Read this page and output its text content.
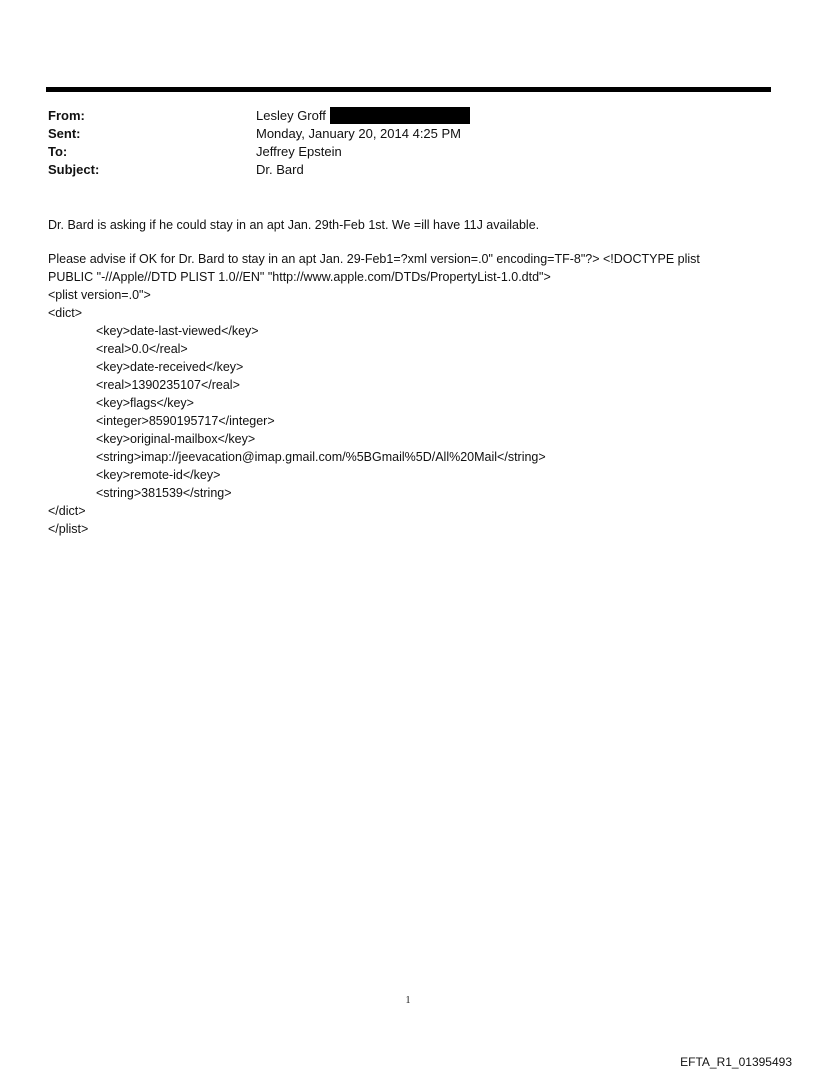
From:	Lesley Groff
Sent:	Monday, January 20, 2014 4:25 PM
To:	Jeffrey Epstein
Subject:	Dr. Bard

Dr. Bard is asking if he could stay in an apt Jan. 29th-Feb 1st. We =ill have 11J available.

Please advise if OK for Dr. Bard to stay in an apt Jan. 29-Feb1=?xml version=.0" encoding=TF-8"?> <!DOCTYPE plist
PUBLIC "-//Apple//DTD PLIST 1.0//EN" "http://www.apple.com/DTDs/PropertyList-1.0.dtd">
<plist version=.0">
<dict>
<key>date-last-viewed</key>
<real>0.0</real>
<key>date-received</key>
<real>1390235107</real>
<key>flags</key>
<integer>8590195717</integer>
<key>original-mailbox</key>
<string>imap://jeevacation@imap.gmail.com/%5BGmail%5D/All%20Mail</string>
<key>remote-id</key>
<string>381539</string>
</dict>
</plist>
1
EFTA_R1_01395493
